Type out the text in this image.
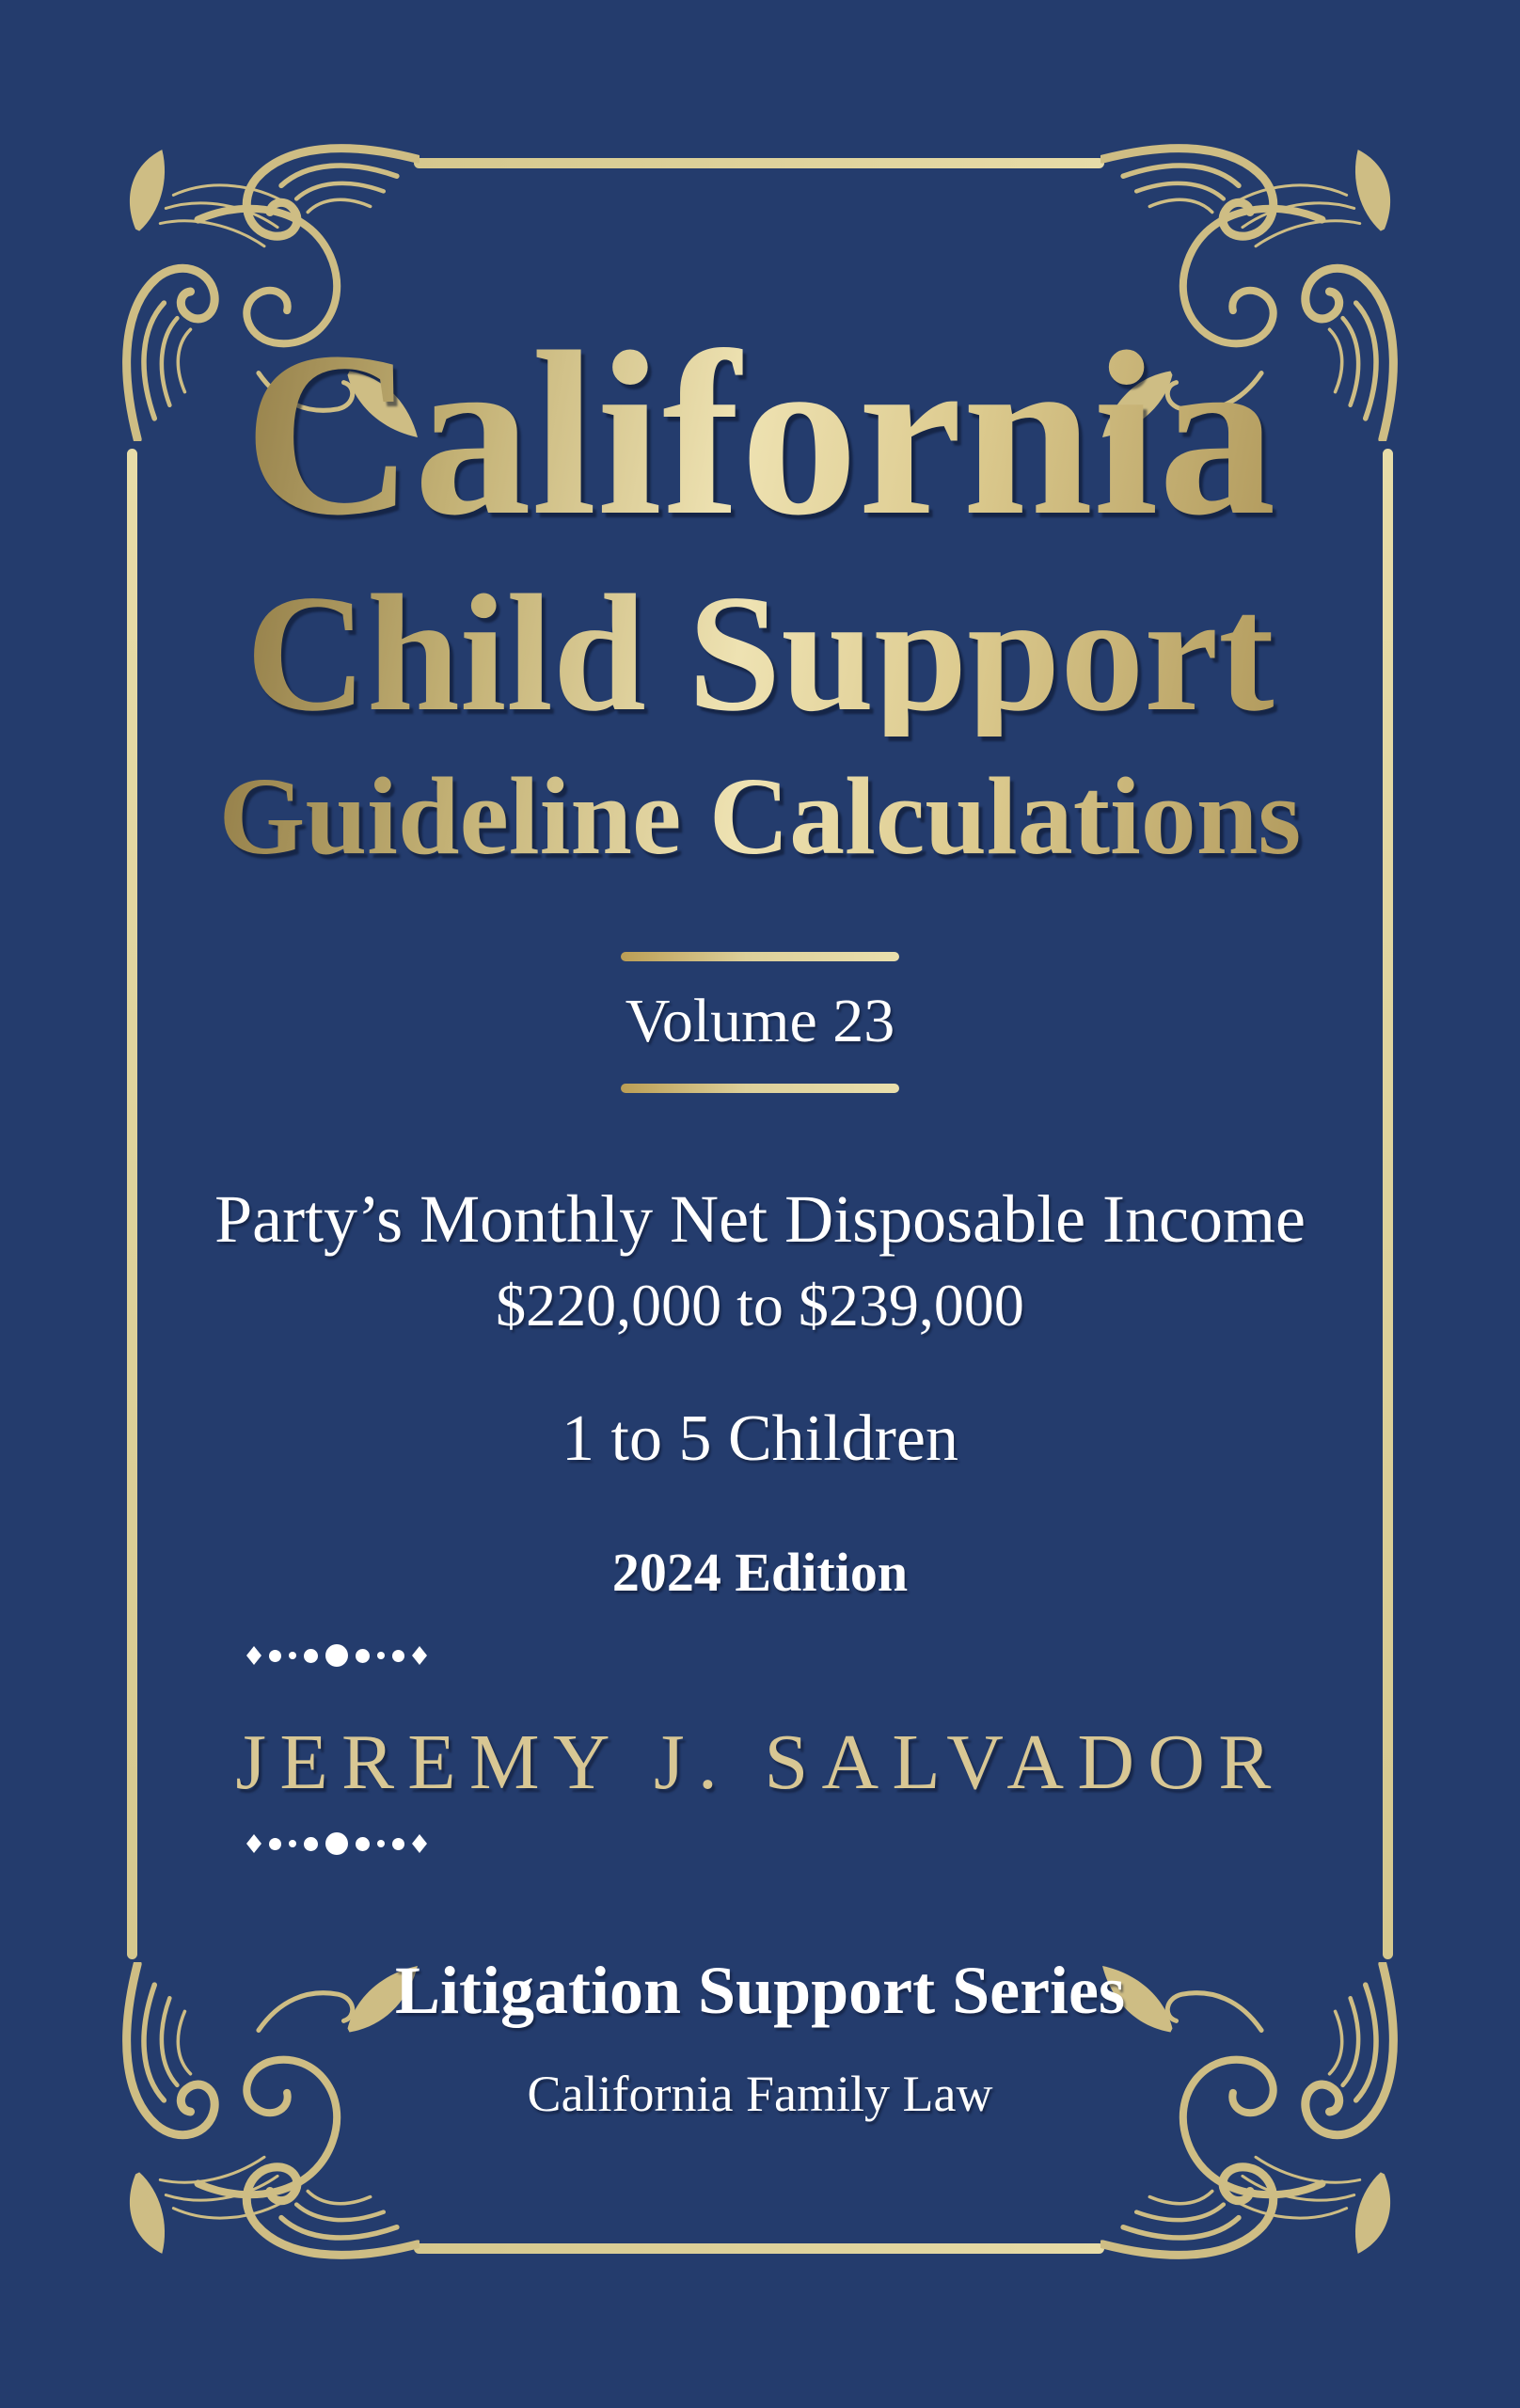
California
Child Support
Guideline Calculations
Volume 23
Party’s Monthly Net Disposable Income
$220,000 to $239,000
1 to 5 Children
2024 Edition
JEREMY J. SALVADOR
Litigation Support Series
California Family Law
